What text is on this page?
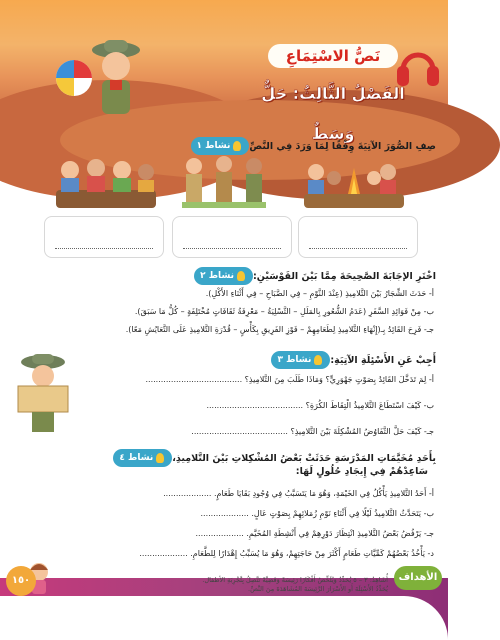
نَصُّ الاسْتِمَاعِ
الفَصْلُ الثَّالِثُ: حَلٌّ وَسَطٌ
نشاط ١	صِفِ الصُّوَرَ الآتِيَةَ وِفْقًا لِمَا وَرَدَ فِي النَّصِّ
نشاط ٢	اخْتَرِ الإجَابَةَ الصَّحِيحَةَ مِمَّا بَيْنَ القَوْسَيْنِ:
أ- حَدَثَ الشِّجَارُ بَيْنَ التَّلامِيذِ (عِنْدَ النَّوْمِ – فِي الصَّبَاحِ – فِي أَثْنَاءِ الأَكْلِ).
ب- مِنْ فَوَائِدِ السَّفَرِ (عَدَمُ الشُّعُورِ بِالمَلَلِ – التَّسْلِيَةُ – مَعْرِفَةُ ثَقَافَاتٍ مُخْتَلِفَةٍ – كُلُّ مَا سَبَقَ).
جـ- فَرِحَ القَائِدُ بِـ(إِنْهَاءِ التَّلامِيذِ لِطَعَامِهِمْ – فَوْزِ الفَرِيقِ بِكَأْسٍ – قُدْرَةِ التَّلامِيذِ عَلَى التَّعَايُشِ مَعًا).
نشاط ٣	أَجِبْ عَنِ الأَسْئِلَةِ الآتِيَةِ:
أ- لِمَ تَدَخَّلَ القَائِدُ بِصَوْتٍ جَهْوَرِيٍّ؟ وَمَاذَا طَلَبَ مِنَ التَّلامِيذِ؟ ......................................
ب- كَيْفَ اسْتَطَاعَ التَّلامِيذُ الْتِقَاطَ الكُرَةِ؟ ......................................
جـ- كَيْفَ حَلَّ التَّفَاوُضُ المُشْكِلَةَ بَيْنَ التَّلامِيذِ؟ ......................................
نشاط ٤	بِأَحَدِ مُخَيَّمَاتِ المَدْرَسَةِ حَدَثَتْ بَعْضُ المُشْكِلاتِ بَيْنَ التَّلامِيذِ،
سَاعِدْهُمْ فِي إِيجَادِ حُلُولٍ لَهَا:
أ- أَحَدُ التَّلامِيذِ يَأْكُلُ فِي الخَيْمَةِ، وَهُوَ مَا يَتَسَبَّبُ فِي وُجُودِ بَقَايَا طَعَامٍ. ...................
ب- يَتَحَدَّثُ التَّلامِيذُ لَيْلًا فِي أَثْنَاءِ نَوْمِ زُمَلائِهِمْ بِصَوْتٍ عَالٍ. ...................
جـ- يَرْفُضُ بَعْضُ التَّلامِيذِ انْتِظَارَ دَوْرِهِمْ فِي أَنْشِطَةِ المُخَيَّمِ. ...................
د- يَأْخُذُ بَعْضُهُمْ كَمِّيَّاتِ طَعَامٍ أَكْثَرَ مِنْ حَاجَتِهِمْ، وَهُوَ مَا يُسَبِّبُ إِهْدَارًا لِلطَّعَامِ. ...................
١٥٠	أُشَاهِدُ: ٣ – ٥ يُحَدِّدُ وَيُلَخِّصُ أَفْكَارًا رَئِيسَةً وَقَضِيَّةً تَتَّصِلُ بِتَّجْرِبَةِ الأطفال.
يُحَدِّدُ الأَسْئِلَةَ أَو الأَسْرَارَ الرَّئِيسَةَ المُشَاهَدَةَ مِنَ النَّصِّ.
الأهداف
